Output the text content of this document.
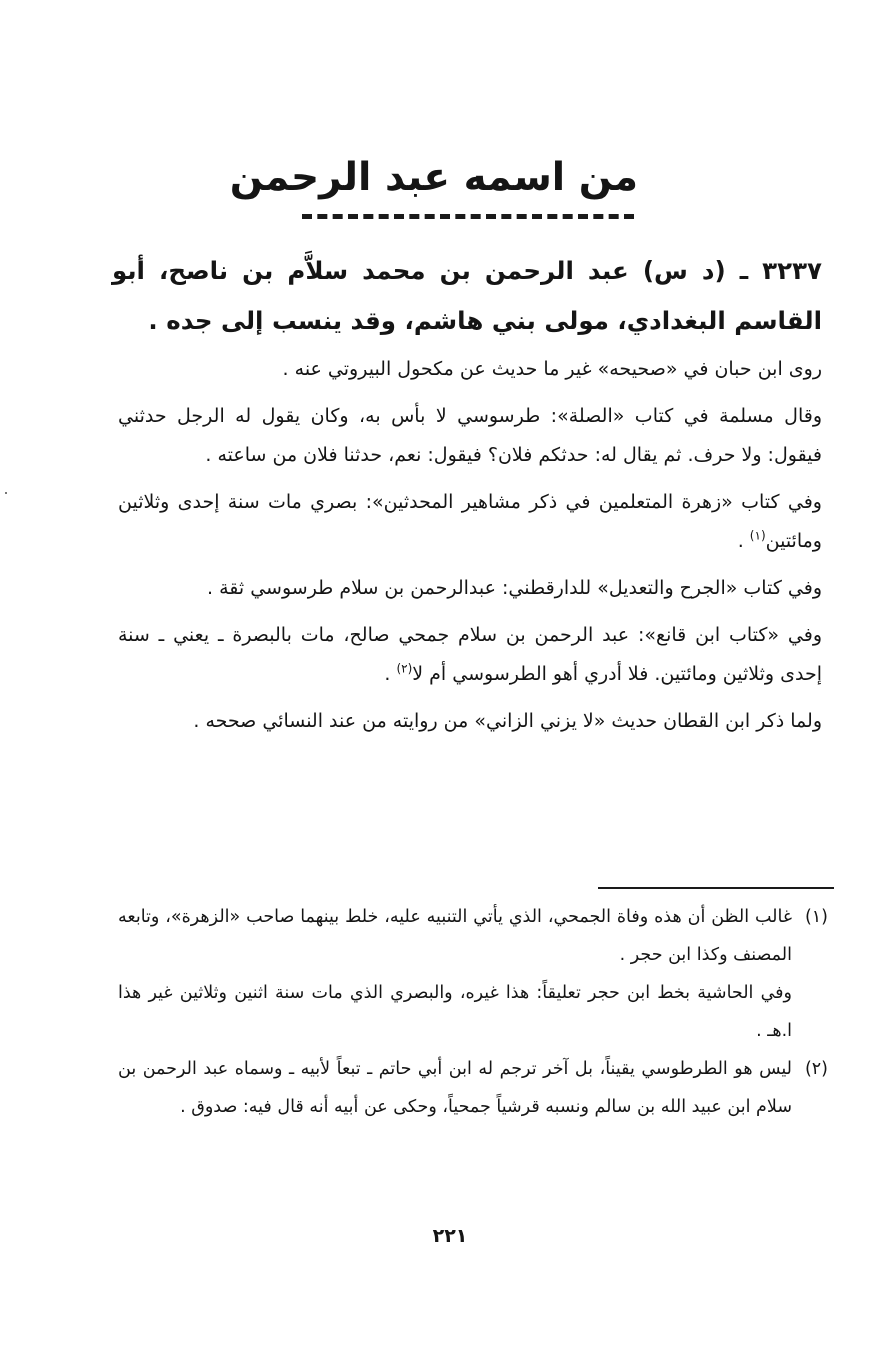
من اسمه عبد الرحمن
٣٢٣٧ ـ (د س) عبد الرحمن بن محمد سلاَّم بن ناصح، أبو القاسم البغدادي، مولى بني هاشم، وقد ينسب إلى جده .

روى ابن حبان في «صحيحه» غير ما حديث عن مكحول البيروتي عنه .

وقال مسلمة في كتاب «الصلة»: طرسوسي لا بأس به، وكان يقول له الرجل حدثني فيقول: ولا حرف. ثم يقال له: حدثكم فلان؟ فيقول: نعم، حدثنا فلان من ساعته .

وفي كتاب «زهرة المتعلمين في ذكر مشاهير المحدثين»: بصري مات سنة إحدى وثلاثين ومائتين$^{(١)}$ .

وفي كتاب «الجرح والتعديل» للدارقطني: عبدالرحمن بن سلام طرسوسي ثقة .

وفي «كتاب ابن قانع»: عبد الرحمن بن سلام جمحي صالح، مات بالبصرة ـ يعني ـ سنة إحدى وثلاثين ومائتين. فلا أدري أهو الطرسوسي أم لا$^{(٢)}$ .

ولما ذكر ابن القطان حديث «لا يزني الزاني» من روايته من عند النسائي صححه .

(١)

غالب الظن أن هذه وفاة الجمحي، الذي يأتي التنبيه عليه، خلط بينهما صاحب «الزهرة»، وتابعه المصنف وكذا ابن حجر .

وفي الحاشية بخط ابن حجر تعليقاً: هذا غيره، والبصري الذي مات سنة اثنين وثلاثين غير هذا ا.هـ .

(٢)

ليس هو الطرطوسي يقيناً، بل آخر ترجم له ابن أبي حاتم ـ تبعاً لأبيه ـ وسماه عبد الرحمن بن سلام ابن عبيد الله بن سالم ونسبه قرشياً جمحياً، وحكى عن أبيه أنه قال فيه: صدوق .

٢٢١
